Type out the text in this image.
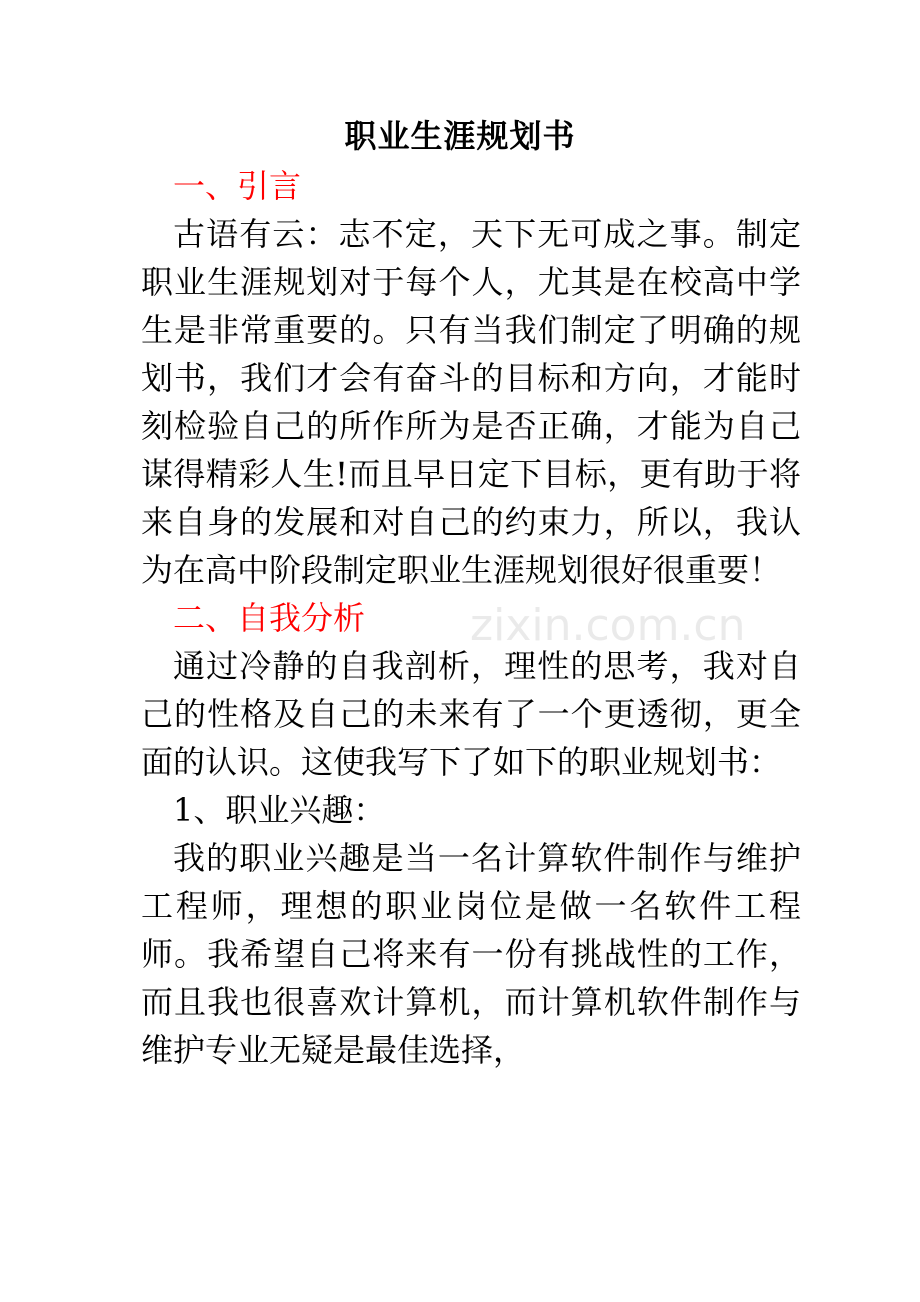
职业生涯规划书

一、引言

古语有云：志不定，天下无可成之事。制定职业生涯规划对于每个人，尤其是在校高中学生是非常重要的。只有当我们制定了明确的规划书，我们才会有奋斗的目标和方向，才能时刻检验自己的所作所为是否正确，才能为自己谋得精彩人生!而且早日定下目标，更有助于将来自身的发展和对自己的约束力，所以，我认为在高中阶段制定职业生涯规划很好很重要！

二、自我分析

通过冷静的自我剖析，理性的思考，我对自己的性格及自己的未来有了一个更透彻，更全面的认识。这使我写下了如下的职业规划书：

1、职业兴趣：

我的职业兴趣是当一名计算软件制作与维护工程师，理想的职业岗位是做一名软件工程师。我希望自己将来有一份有挑战性的工作，而且我也很喜欢计算机，而计算机软件制作与维护专业无疑是最佳选择，

zixin.com.cn
